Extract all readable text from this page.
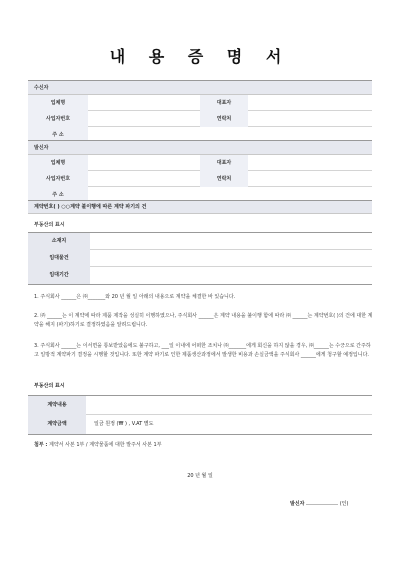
내 용 증 명 서
수신자
업체명	대표자
사업자번호	연락처
주 소
발신자
업체명	대표자
사업자번호	연락처
주 소
계약번호( ) ○○계약 불이행에 따른 계약 파기의 건
부동산의 표시
소재지
임대물건
임대기간
1. 주식회사 ______은 ㈜_______와 20 년 월 일 아래의 내용으로 계약을 체결한 바 있습니다.
2. ㈜ ______는 이 계약에 따라 제품 제작을 성실히 이행하였으나, 주식회사 ______은 계약 내용을 불이행 함에 따라 ㈜ ______는 계약번호( )의 건에 대한 계약을 해지 (파기)하기로 결정하였음을 알려드립니다.
3. 주식회사 ______는 이서면을 통보받았음에도 불구하고, ___일 이내에 어떠한 조치나 ㈜_______에게 회신을 하지 않을 경우, ㈜______는 수긍으로 간주하고 일방적 계약파기 결정을 시행할 것입니다. 또한 계약 파기로 인한 제품생산과정에서 발생한 비용과 손실금액을 주식회사 ______에게 청구할 예정입니다.
부동산의 표시
계약내용
계약금액	일금 원정 (₩ ) , V.AT 별도
첨부 : 계약서 사본 1부 / 계약물품에 대한 발주서 사본 1부
20 년 월 일
발신자	(인)
